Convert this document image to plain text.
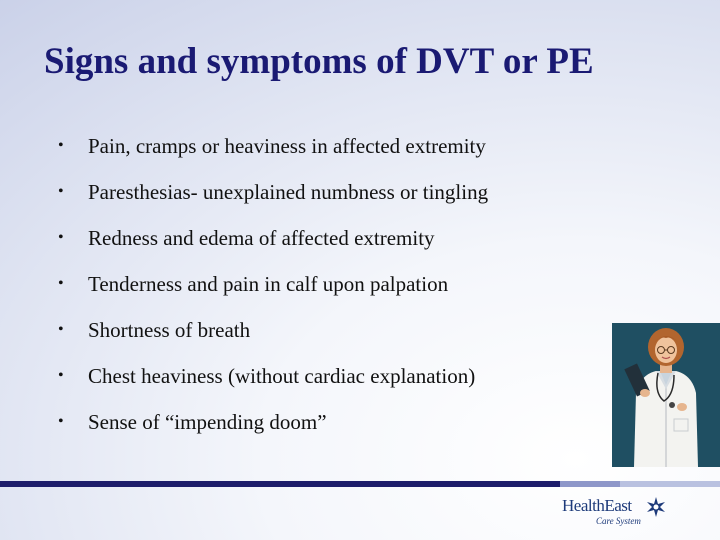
Signs and symptoms of DVT or PE
•	Pain, cramps or heaviness in affected extremity
•	Paresthesias- unexplained numbness or tingling
•	Redness and edema of affected extremity
•	Tenderness and pain in calf upon palpation
•	Shortness of breath
•	Chest heaviness (without cardiac explanation)
•	Sense of “impending doom”
HealthEast
Care System
